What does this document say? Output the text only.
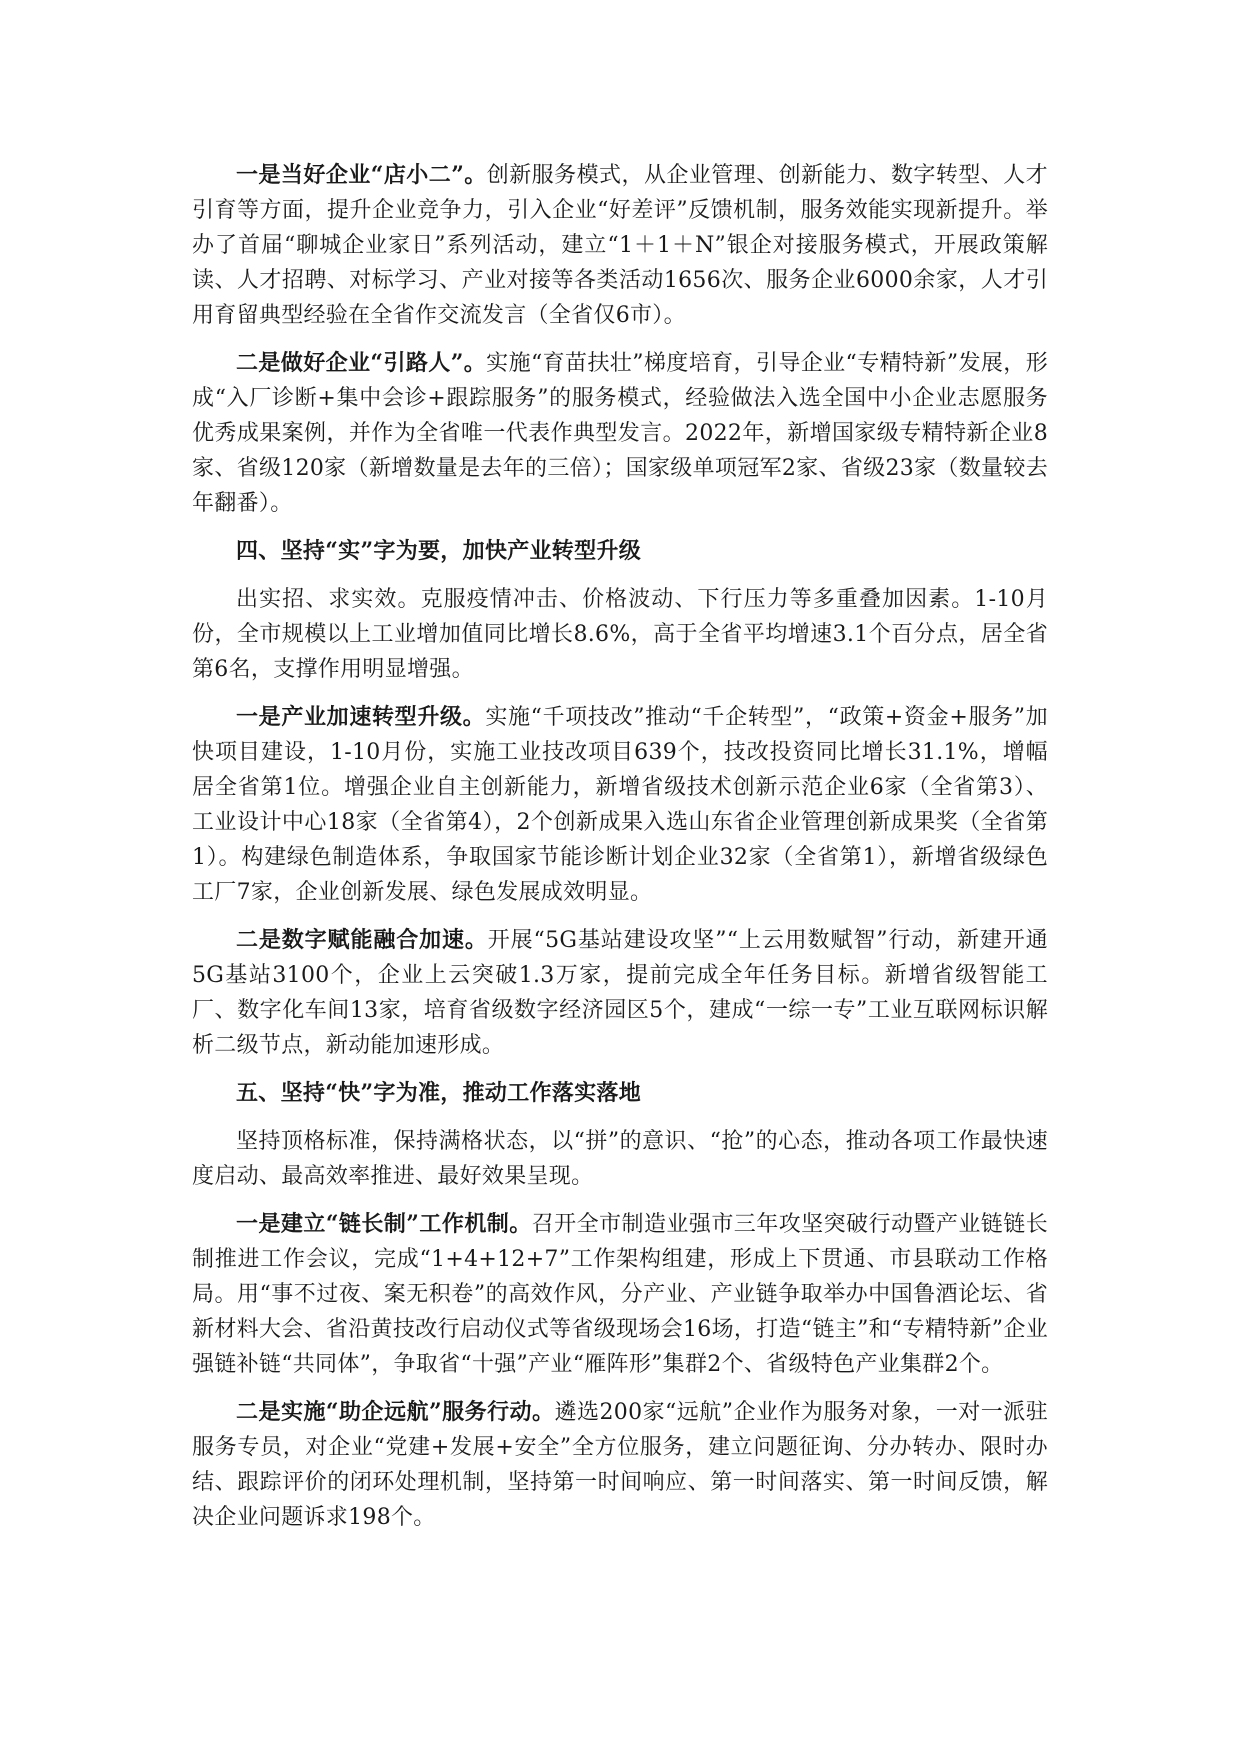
一是当好企业“店小二”。创新服务模式，从企业管理、创新能力、数字转型、人才引育等方面，提升企业竞争力，引入企业“好差评”反馈机制，服务效能实现新提升。举办了首届“聊城企业家日”系列活动，建立“1＋1＋N”银企对接服务模式，开展政策解读、人才招聘、对标学习、产业对接等各类活动1656次、服务企业6000余家，人才引用育留典型经验在全省作交流发言（全省仅6市）。

二是做好企业“引路人”。实施“育苗扶壮”梯度培育，引导企业“专精特新”发展，形成“入厂诊断+集中会诊+跟踪服务”的服务模式，经验做法入选全国中小企业志愿服务优秀成果案例，并作为全省唯一代表作典型发言。2022年，新增国家级专精特新企业8家、省级120家（新增数量是去年的三倍）；国家级单项冠军2家、省级23家（数量较去年翻番）。

四、坚持“实”字为要，加快产业转型升级

出实招、求实效。克服疫情冲击、价格波动、下行压力等多重叠加因素。1-10月份，全市规模以上工业增加值同比增长8.6%，高于全省平均增速3.1个百分点，居全省第6名，支撑作用明显增强。

一是产业加速转型升级。实施“千项技改”推动“千企转型”，“政策+资金+服务”加快项目建设，1-10月份，实施工业技改项目639个，技改投资同比增长31.1%，增幅居全省第1位。增强企业自主创新能力，新增省级技术创新示范企业6家（全省第3）、工业设计中心18家（全省第4），2个创新成果入选山东省企业管理创新成果奖（全省第1）。构建绿色制造体系，争取国家节能诊断计划企业32家（全省第1），新增省级绿色工厂7家，企业创新发展、绿色发展成效明显。

二是数字赋能融合加速。开展“5G基站建设攻坚”“上云用数赋智”行动，新建开通5G基站3100个，企业上云突破1.3万家，提前完成全年任务目标。新增省级智能工厂、数字化车间13家，培育省级数字经济园区5个，建成“一综一专”工业互联网标识解析二级节点，新动能加速形成。

五、坚持“快”字为准，推动工作落实落地

坚持顶格标准，保持满格状态，以“拼”的意识、“抢”的心态，推动各项工作最快速度启动、最高效率推进、最好效果呈现。

一是建立“链长制”工作机制。召开全市制造业强市三年攻坚突破行动暨产业链链长制推进工作会议，完成“1+4+12+7”工作架构组建，形成上下贯通、市县联动工作格局。用“事不过夜、案无积卷”的高效作风，分产业、产业链争取举办中国鲁酒论坛、省新材料大会、省沿黄技改行启动仪式等省级现场会16场，打造“链主”和“专精特新”企业强链补链“共同体”，争取省“十强”产业“雁阵形”集群2个、省级特色产业集群2个。

二是实施“助企远航”服务行动。遴选200家“远航”企业作为服务对象，一对一派驻服务专员，对企业“党建+发展+安全”全方位服务，建立问题征询、分办转办、限时办结、跟踪评价的闭环处理机制，坚持第一时间响应、第一时间落实、第一时间反馈，解决企业问题诉求198个。
